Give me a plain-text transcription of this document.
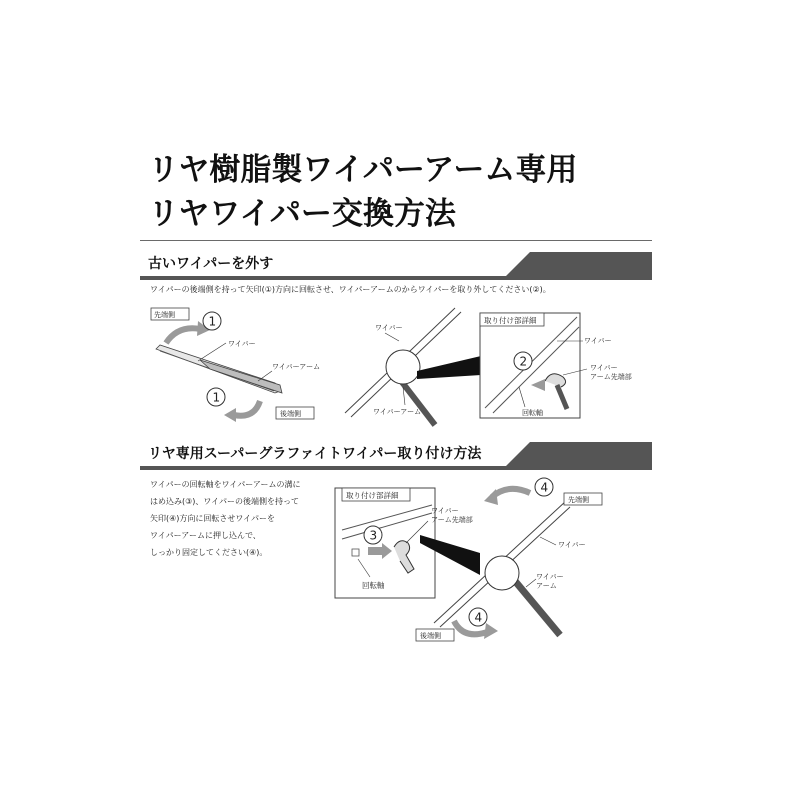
リヤ樹脂製ワイパーアーム専用
リヤワイパー交換方法
古いワイパーを外す
ワイパーの後端側を持って矢印(①)方向に回転させ、ワイパーアームのからワイパーを取り外してください(②)。
先端側	1
ワイパー
ワイパーアーム
1
後端側
ワイパー
ワイパーアーム
取り付け部詳細
2
回転軸
ワイパー
ワイパー
アーム先端部
リヤ専用スーパーグラファイトワイパー取り付け方法
ワイパーの回転軸をワイパーアームの溝に
はめ込み(③)、ワイパーの後端側を持って
矢印(④)方向に回転させワイパーを
ワイパーアームに押し込んで、
しっかり固定してください(④)。
取り付け部詳細
3
回転軸
4
先端側
ワイパー
ワイパー
アーム
4
後端側
ワイパー
アーム先端部
